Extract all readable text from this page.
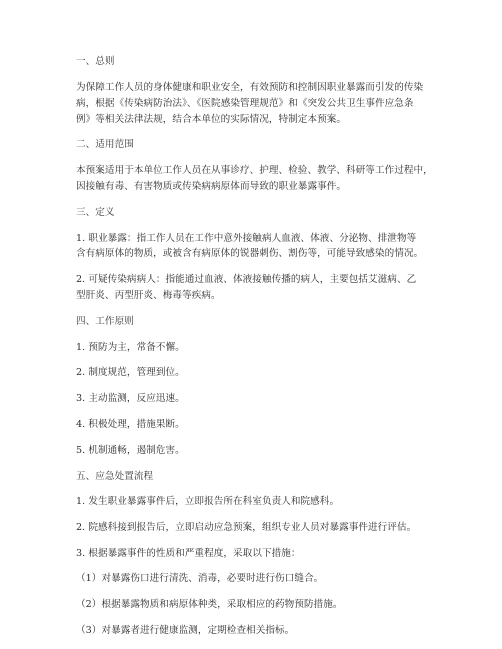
一、总则
为保障工作人员的身体健康和职业安全，有效预防和控制因职业暴露而引发的传染
病，根据《传染病防治法》、《医院感染管理规范》和《突发公共卫生事件应急条
例》等相关法律法规，结合本单位的实际情况，特制定本预案。
二、适用范围
本预案适用于本单位工作人员在从事诊疗、护理、检验、教学、科研等工作过程中，
因接触有毒、有害物质或传染病病原体而导致的职业暴露事件。
三、定义
1. 职业暴露：指工作人员在工作中意外接触病人血液、体液、分泌物、排泄物等
含有病原体的物质，或被含有病原体的锐器刺伤、割伤等，可能导致感染的情况。
2. 可疑传染病病人：指能通过血液、体液接触传播的病人，主要包括艾滋病、乙
型肝炎、丙型肝炎、梅毒等疾病。
四、工作原则
1. 预防为主，常备不懈。
2. 制度规范，管理到位。
3. 主动监测，反应迅速。
4. 积极处理，措施果断。
5. 机制通畅，遏制危害。
五、应急处置流程
1. 发生职业暴露事件后，立即报告所在科室负责人和院感科。
2. 院感科接到报告后，立即启动应急预案，组织专业人员对暴露事件进行评估。
3. 根据暴露事件的性质和严重程度，采取以下措施：
（1）对暴露伤口进行清洗、消毒，必要时进行伤口缝合。
（2）根据暴露物质和病原体种类，采取相应的药物预防措施。
（3）对暴露者进行健康监测，定期检查相关指标。
